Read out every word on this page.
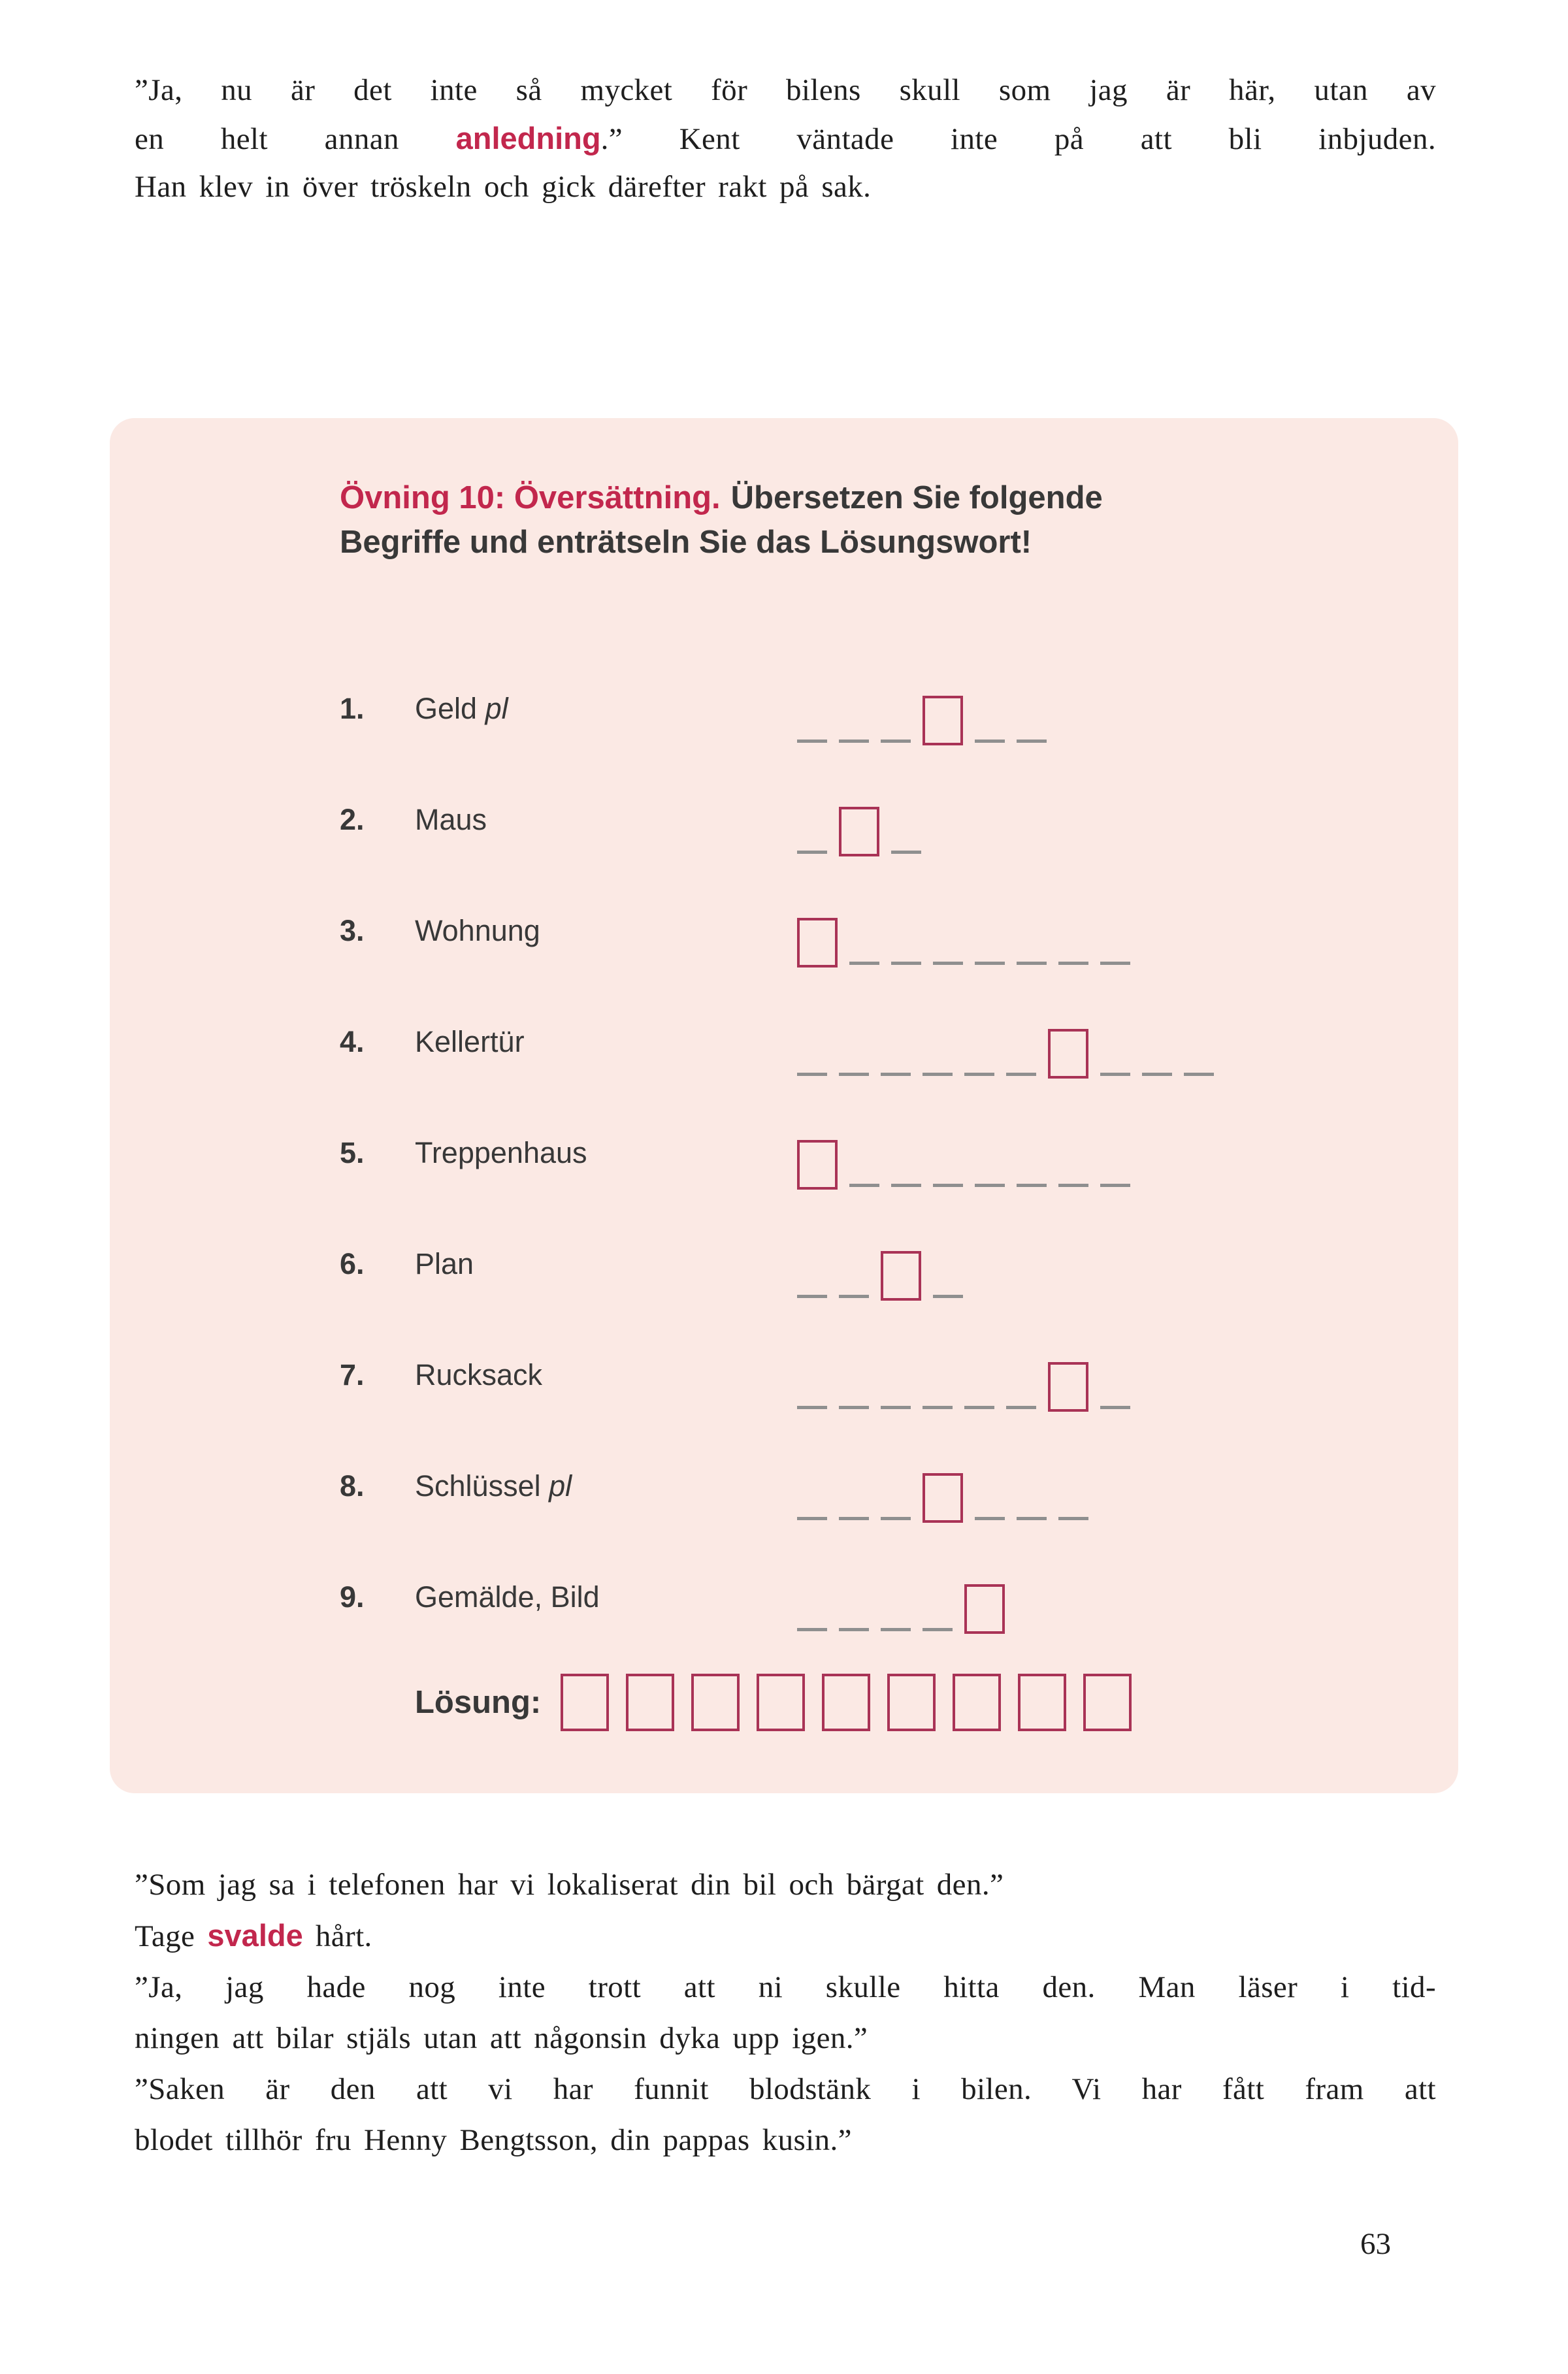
”Ja, nu är det inte så mycket för bilens skull som jag är här, utan av
en helt annan anledning.” Kent väntade inte på att bli inbjuden.
Han klev in över tröskeln och gick därefter rakt på sak.

Övning 10: Översättning. Übersetzen Sie folgende
Begriffe und enträtseln Sie das Lösungswort!

1.	Geld pl
2.	Maus
3.	Wohnung
4.	Kellertür
5.	Treppenhaus
6.	Plan
7.	Rucksack
8.	Schlüssel pl
9.	Gemälde, Bild
Lösung:
”Som jag sa i telefonen har vi lokaliserat din bil och bärgat den.”
Tage svalde hårt.
”Ja, jag hade nog inte trott att ni skulle hitta den. Man läser i tid-
ningen att bilar stjäls utan att någonsin dyka upp igen.”
”Saken är den att vi har funnit blodstänk i bilen. Vi har fått fram att
blodet tillhör fru Henny Bengtsson, din pappas kusin.”
63
